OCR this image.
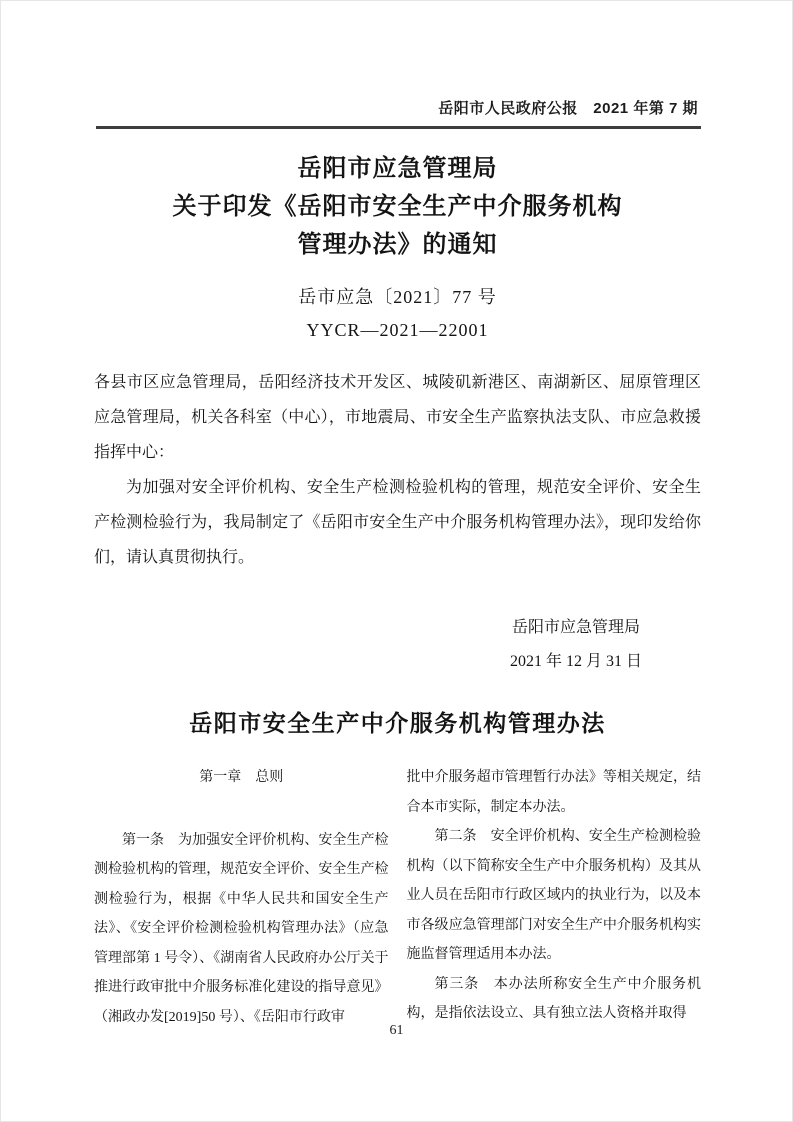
岳阳市人民政府公报　2021 年第 7 期
岳阳市应急管理局
关于印发《岳阳市安全生产中介服务机构
管理办法》的通知
岳市应急〔2021〕77 号
YYCR—2021—22001

各县市区应急管理局，岳阳经济技术开发区、城陵矶新港区、南湖新区、屈原管理区应急管理局，机关各科室（中心），市地震局、市安全生产监察执法支队、市应急救援指挥中心：

为加强对安全评价机构、安全生产检测检验机构的管理，规范安全评价、安全生产检测检验行为，我局制定了《岳阳市安全生产中介服务机构管理办法》，现印发给你们，请认真贯彻执行。

岳阳市应急管理局
2021 年 12 月 31 日
岳阳市安全生产中介服务机构管理办法
第一章　总则

第一条　为加强安全评价机构、安全生产检测检验机构的管理，规范安全评价、安全生产检测检验行为，根据《中华人民共和国安全生产法》、《安全评价检测检验机构管理办法》（应急管理部第 1 号令）、《湖南省人民政府办公厅关于推进行政审批中介服务标准化建设的指导意见》（湘政办发[2019]50 号）、《岳阳市行政审

批中介服务超市管理暂行办法》等相关规定，结合本市实际，制定本办法。

第二条　安全评价机构、安全生产检测检验机构（以下简称安全生产中介服务机构）及其从业人员在岳阳市行政区域内的执业行为，以及本市各级应急管理部门对安全生产中介服务机构实施监督管理适用本办法。

第三条　本办法所称安全生产中介服务机构，是指依法设立、具有独立法人资格并取得

61
